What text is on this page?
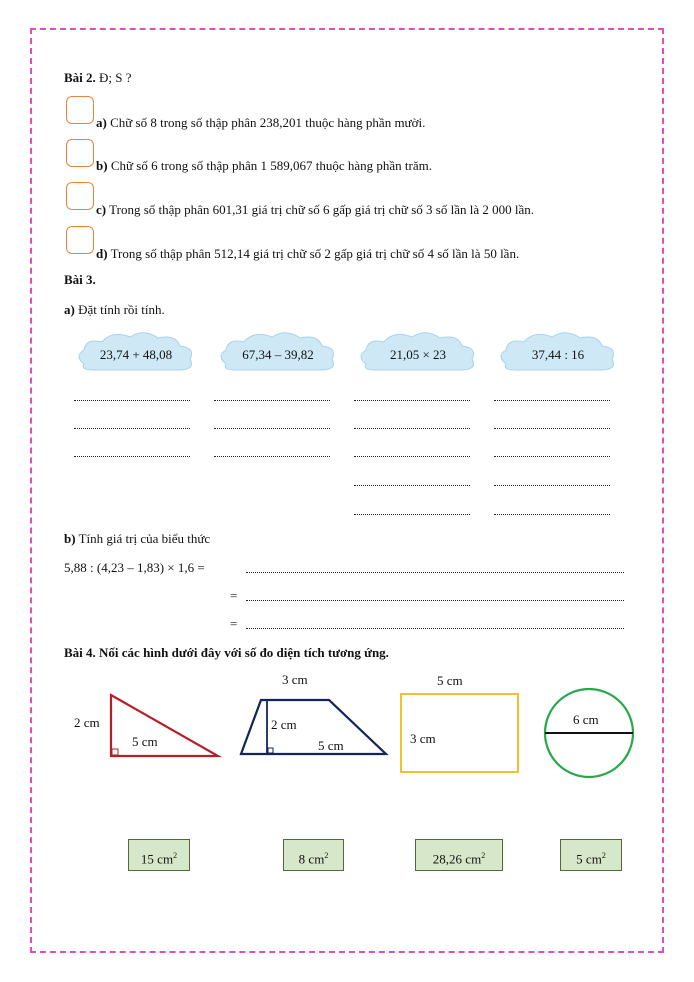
Bài 2. Đ; S ?
a) Chữ số 8 trong số thập phân 238,201 thuộc hàng phần mười.
b) Chữ số 6 trong số thập phân 1 589,067 thuộc hàng phần trăm.
c) Trong số thập phân 601,31 giá trị chữ số 6 gấp giá trị chữ số 3 số lần là 2 000 lần.
d) Trong số thập phân 512,14 giá trị chữ số 2 gấp giá trị chữ số 4 số lần là 50 lần.
Bài 3.
a) Đặt tính rồi tính.
23,74 + 48,08	67,34 – 39,82	21,05 × 23	37,44 : 16
b) Tính giá trị của biểu thức
5,88 : (4,23 – 1,83) × 1,6 =
=
=
Bài 4. Nối các hình dưới đây với số đo diện tích tương ứng.
2 cm
5 cm
3 cm
2 cm
5 cm
5 cm
3 cm
6 cm
15 $cm^2$	8 $cm^2$	28,26 $cm^2$	5 $cm^2$
